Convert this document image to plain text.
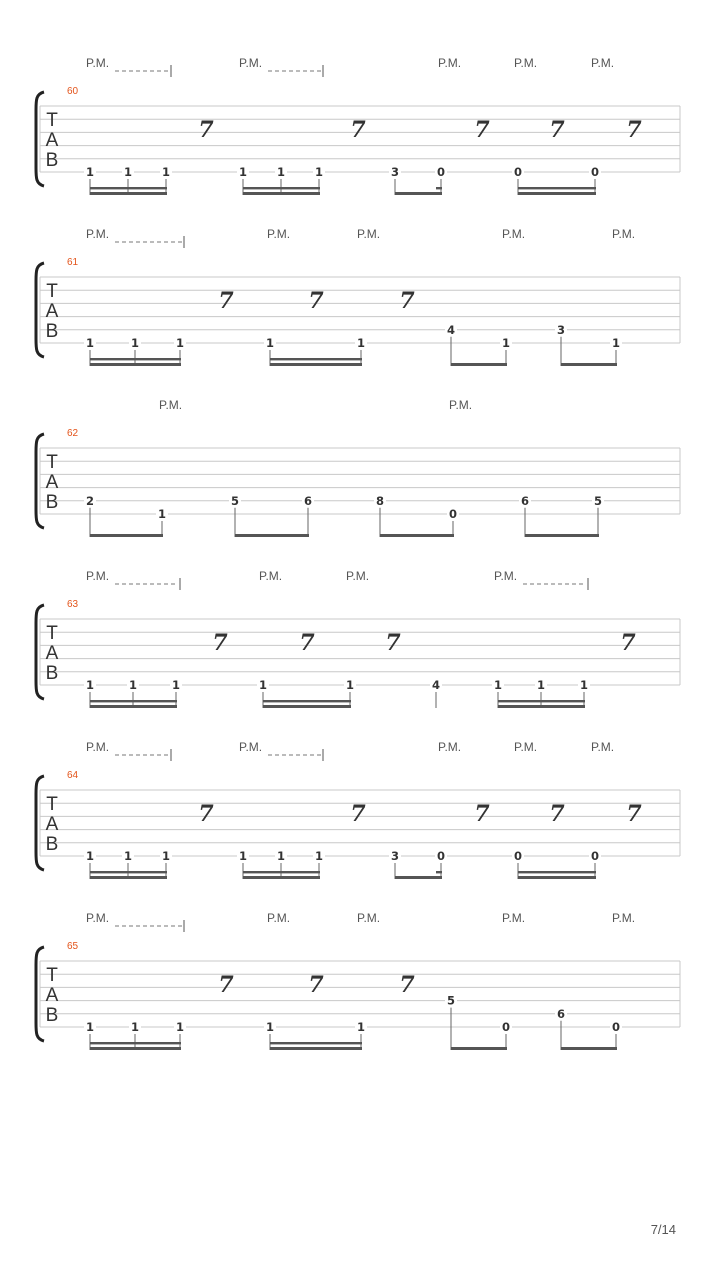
T
A
B
60
P.M.	P.M.	P.M.	P.M.	P.M.
1	1	1
7
1	1	1
7
3	0
7
0	0
7	7
T
A
B
61
P.M.	P.M.	P.M.	P.M.	P.M.
1	1	1
7
1	1
7	7
4
1
3
1
T
A
B
62
P.M.	P.M.
2
1
5	6	8
0
6	5
T
A
B
63
P.M.	P.M.	P.M.	P.M.
1	1	1
7
1	1
7	7
4	1	1	1
7
T
A
B
64
P.M.	P.M.	P.M.	P.M.	P.M.
1	1	1
7
1	1	1
7
3	0
7
0	0
7	7
T
A
B
65
P.M.	P.M.	P.M.	P.M.	P.M.
1	1	1
7
1	1
7	7
5
0
6
0
7/14
